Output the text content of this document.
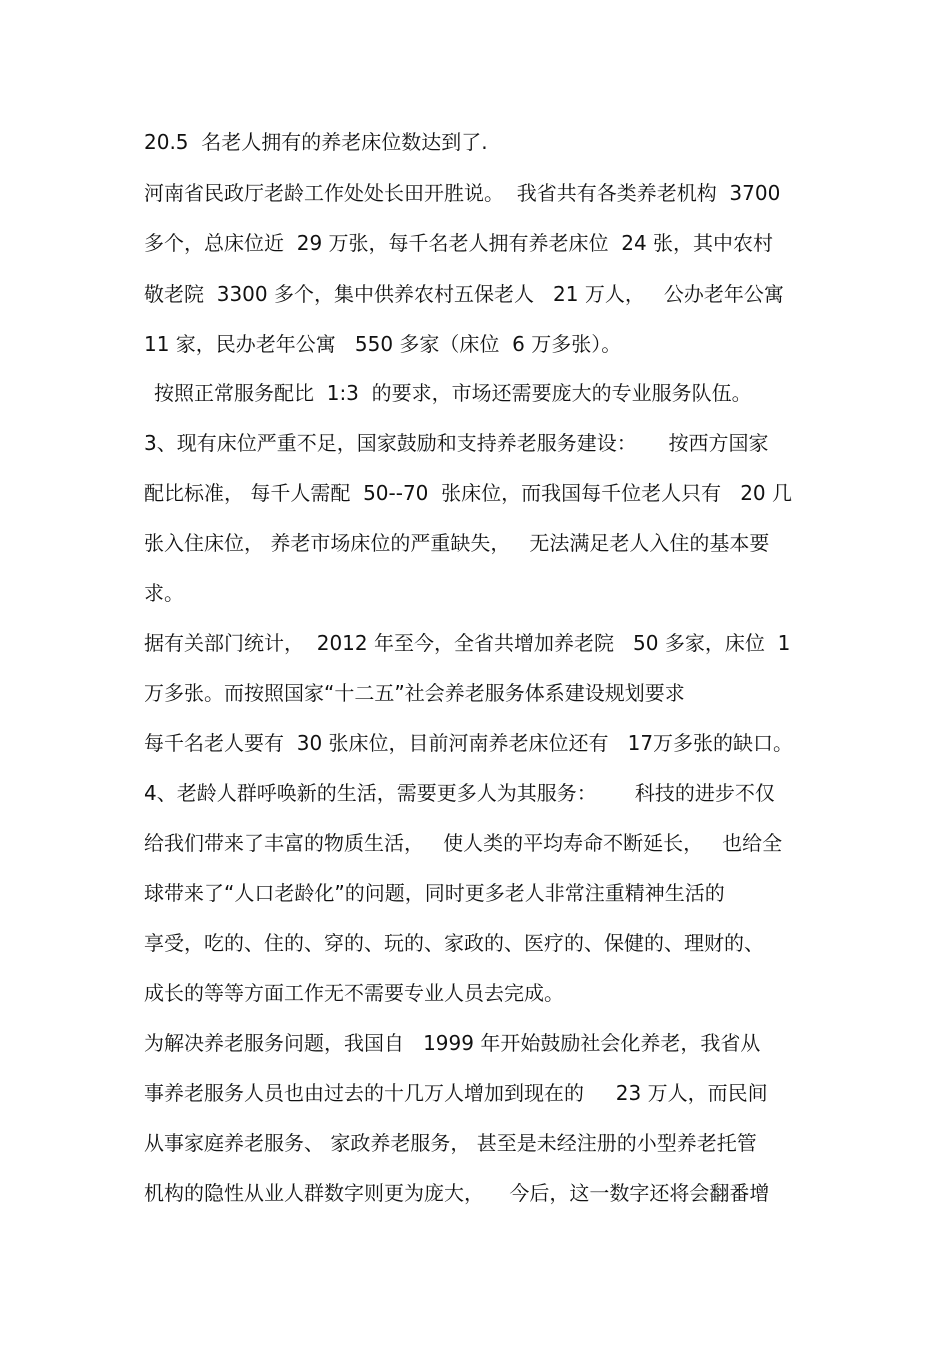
20.5  名老人拥有的养老床位数达到了.
河南省民政厅老龄工作处处长田开胜说。  我省共有各类养老机构  3700
多个，总床位近  29 万张，每千名老人拥有养老床位  24 张，其中农村
敬老院  3300 多个，集中供养农村五保老人   21 万人，   公办老年公寓
11 家，民办老年公寓   550 多家（床位  6 万多张）。
按照正常服务配比  1:3  的要求，市场还需要庞大的专业服务队伍。
3、现有床位严重不足，国家鼓励和支持养老服务建设：     按西方国家
配比标准， 每千人需配  50--70  张床位，而我国每千位老人只有   20 几
张入住床位， 养老市场床位的严重缺失，   无法满足老人入住的基本要
求。
据有关部门统计，  2012 年至今，全省共增加养老院   50 多家，床位  1
万多张。而按照国家“十二五”社会养老服务体系建设规划要求
每千名老人要有  30 张床位，目前河南养老床位还有   17万多张的缺口。
4、老龄人群呼唤新的生活，需要更多人为其服务：      科技的进步不仅
给我们带来了丰富的物质生活，   使人类的平均寿命不断延长，   也给全
球带来了“人口老龄化”的问题，同时更多老人非常注重精神生活的
享受，吃的、住的、穿的、玩的、家政的、医疗的、保健的、理财的、
成长的等等方面工作无不需要专业人员去完成。
为解决养老服务问题，我国自   1999 年开始鼓励社会化养老，我省从
事养老服务人员也由过去的十几万人增加到现在的     23 万人，而民间
从事家庭养老服务、 家政养老服务， 甚至是未经注册的小型养老托管
机构的隐性从业人群数字则更为庞大，    今后，这一数字还将会翻番增
